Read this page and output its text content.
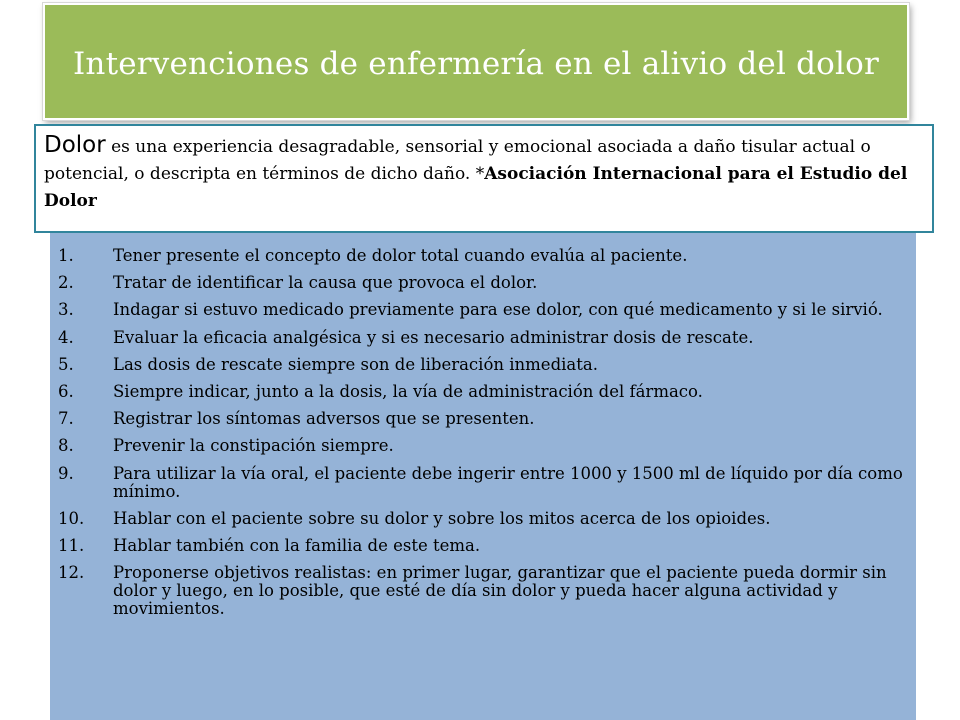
Intervenciones de enfermería en el alivio del dolor
Dolor es una experiencia desagradable, sensorial y emocional asociada a daño tisular actual o potencial, o descripta en términos de dicho daño. *Asociación Internacional para el Estudio del Dolor
1.	Tener presente el concepto de dolor total cuando evalúa al paciente.
2.	Tratar de identificar la causa que provoca el dolor.
3.	Indagar si estuvo medicado previamente para ese dolor, con qué medicamento y si le sirvió.
4.	Evaluar la eficacia analgésica y si es necesario administrar dosis de rescate.
5.	Las dosis de rescate siempre son de liberación inmediata.
6.	Siempre indicar, junto a la dosis, la vía de administración del fármaco.
7.	Registrar los síntomas adversos que se presenten.
8.	Prevenir la constipación siempre.
9.	Para utilizar la vía oral, el paciente debe ingerir entre 1000 y 1500 ml de líquido por día como mínimo.
10.	Hablar con el paciente sobre su dolor y sobre los mitos acerca de los opioides.
11.	Hablar también con la familia de este tema.
12.	Proponerse objetivos realistas: en primer lugar, garantizar que el paciente pueda dormir sin dolor y luego, en lo posible, que esté de día sin dolor y pueda hacer alguna actividad y movimientos.
